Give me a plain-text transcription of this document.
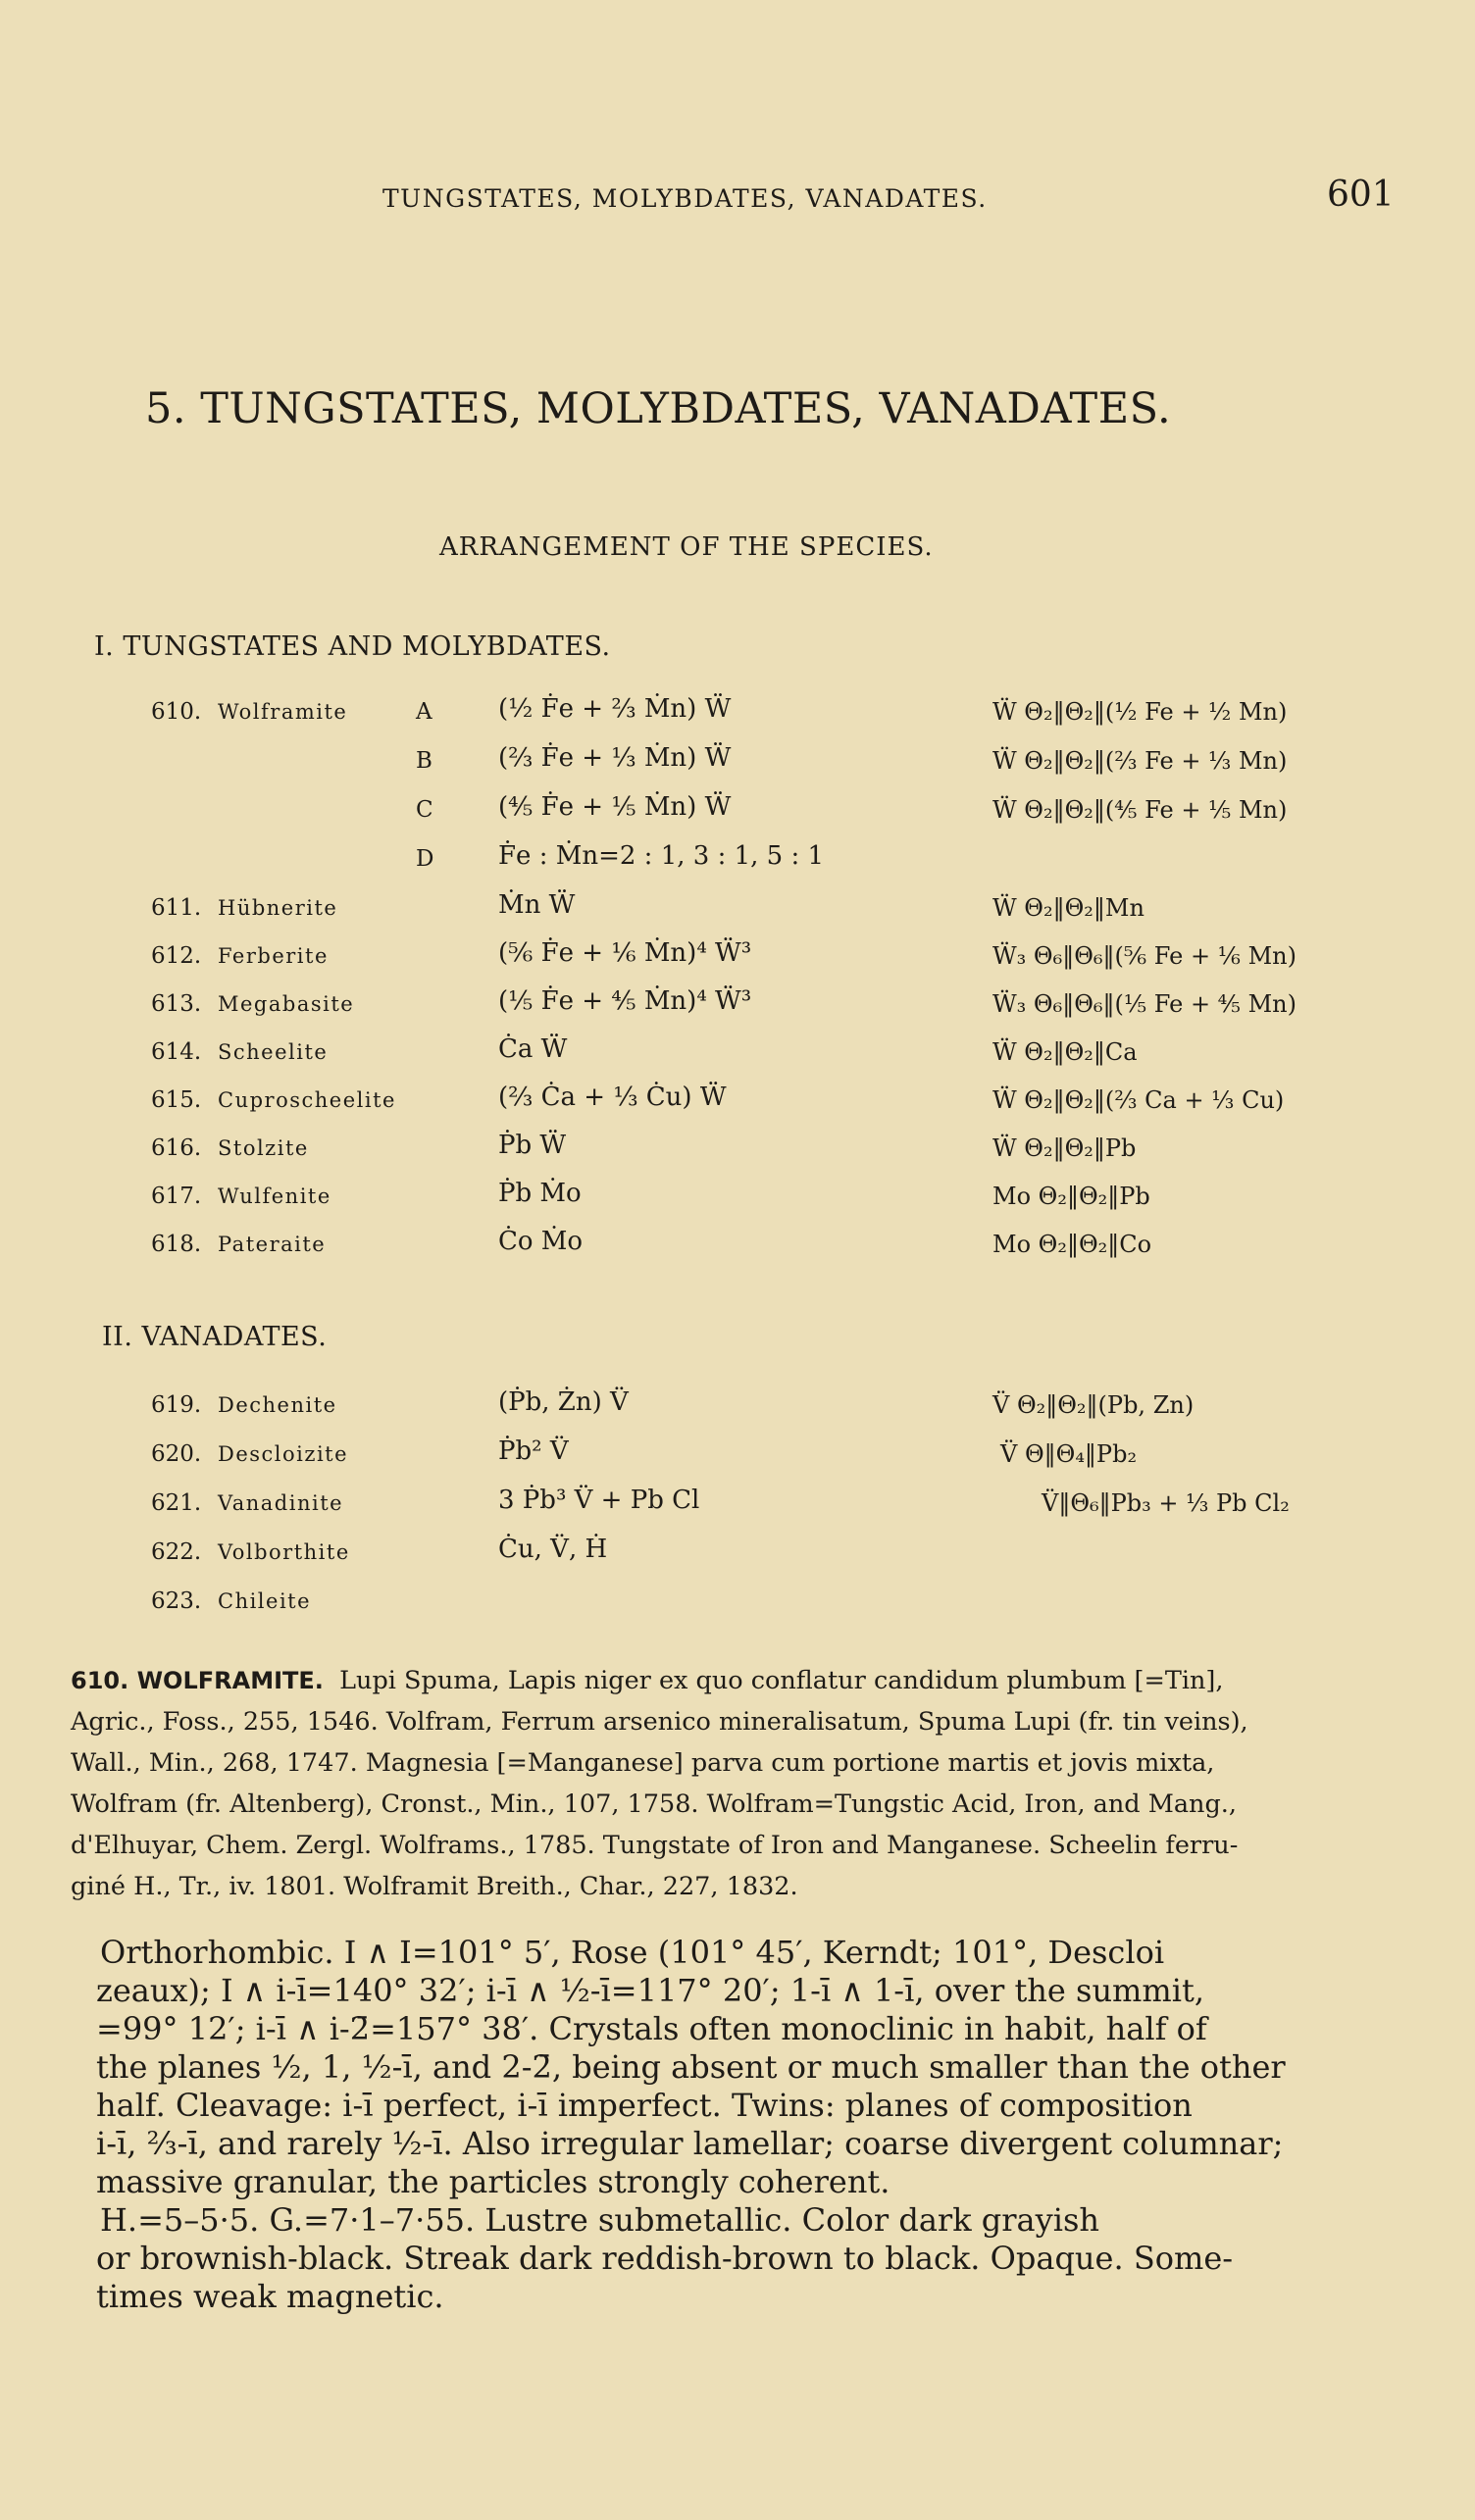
TUNGSTATES, MOLYBDATES, VANADATES.	601
5. TUNGSTATES, MOLYBDATES, VANADATES.
ARRANGEMENT OF THE SPECIES.
I. TUNGSTATES AND MOLYBDATES.
610. Wolframite	A	(½ Ḟe + ⅔ Ṁn) Ẅ	Ẅ Θ₂‖Θ₂‖(½ Fe + ½ Mn)
B	(⅔ Ḟe + ⅓ Ṁn) Ẅ	Ẅ Θ₂‖Θ₂‖(⅔ Fe + ⅓ Mn)
C	(⅘ Ḟe + ⅕ Ṁn) Ẅ	Ẅ Θ₂‖Θ₂‖(⅘ Fe + ⅕ Mn)
D	Ḟe : Ṁn=2 : 1, 3 : 1, 5 : 1
611. Hübnerite	Ṁn Ẅ	Ẅ Θ₂‖Θ₂‖Mn
612. Ferberite	(⅚ Ḟe + ⅙ Ṁn)⁴ Ẅ³	Ẅ₃ Θ₆‖Θ₆‖(⅚ Fe + ⅙ Mn)
613. Megabasite	(⅕ Ḟe + ⅘ Ṁn)⁴ Ẅ³	Ẅ₃ Θ₆‖Θ₆‖(⅕ Fe + ⅘ Mn)
614. Scheelite	Ċa Ẅ	Ẅ Θ₂‖Θ₂‖Ca
615. Cuproscheelite	(⅔ Ċa + ⅓ Ċu) Ẅ	Ẅ Θ₂‖Θ₂‖(⅔ Ca + ⅓ Cu)
616. Stolzite	Ṗb Ẅ	Ẅ Θ₂‖Θ₂‖Pb
617. Wulfenite	Ṗb Ṁo	Mo Θ₂‖Θ₂‖Pb
618. Pateraite	Ċo Ṁo	Mo Θ₂‖Θ₂‖Co
II. VANADATES.
619. Dechenite	(Ṗb, Żn) V̈	V̈ Θ₂‖Θ₂‖(Pb, Zn)
620. Descloizite	Ṗb² V̈	V̈ Θ‖Θ₄‖Pb₂
621. Vanadinite	3 Ṗb³ V̈ + Pb Cl	V̈‖Θ₆‖Pb₃ + ⅓ Pb Cl₂
622. Volborthite	Ċu, V̈, Ḣ
623. Chileite

610. WOLFRAMITE. Lupi Spuma, Lapis niger ex quo conflatur candidum plumbum [=Tin],

Agric., Foss., 255, 1546. Volfram, Ferrum arsenico mineralisatum, Spuma Lupi (fr. tin veins),

Wall., Min., 268, 1747. Magnesia [=Manganese] parva cum portione martis et jovis mixta,

Wolfram (fr. Altenberg), Cronst., Min., 107, 1758. Wolfram=Tungstic Acid, Iron, and Mang.,

d'Elhuyar, Chem. Zergl. Wolframs., 1785. Tungstate of Iron and Manganese. Scheelin ferru-

giné H., Tr., iv. 1801. Wolframit Breith., Char., 227, 1832.

Orthorhombic. I ∧ I=101° 5′, Rose (101° 45′, Kerndt; 101°, Descloi

zeaux); I ∧ i-ī=140° 32′; i-ī ∧ ½-ī=117° 20′; 1-ī ∧ 1-ī, over the summit,

=99° 12′; i-ī ∧ i-2̄=157° 38′. Crystals often monoclinic in habit, half of

the planes ½, 1, ½-ī, and 2-2̄, being absent or much smaller than the other

half. Cleavage: i-ī perfect, i-ī imperfect. Twins: planes of composition

i-ī, ⅔-ī, and rarely ½-ī. Also irregular lamellar; coarse divergent columnar;

massive granular, the particles strongly coherent.

H.=5–5·5. G.=7·1–7·55. Lustre submetallic. Color dark grayish

or brownish-black. Streak dark reddish-brown to black. Opaque. Some-

times weak magnetic.
